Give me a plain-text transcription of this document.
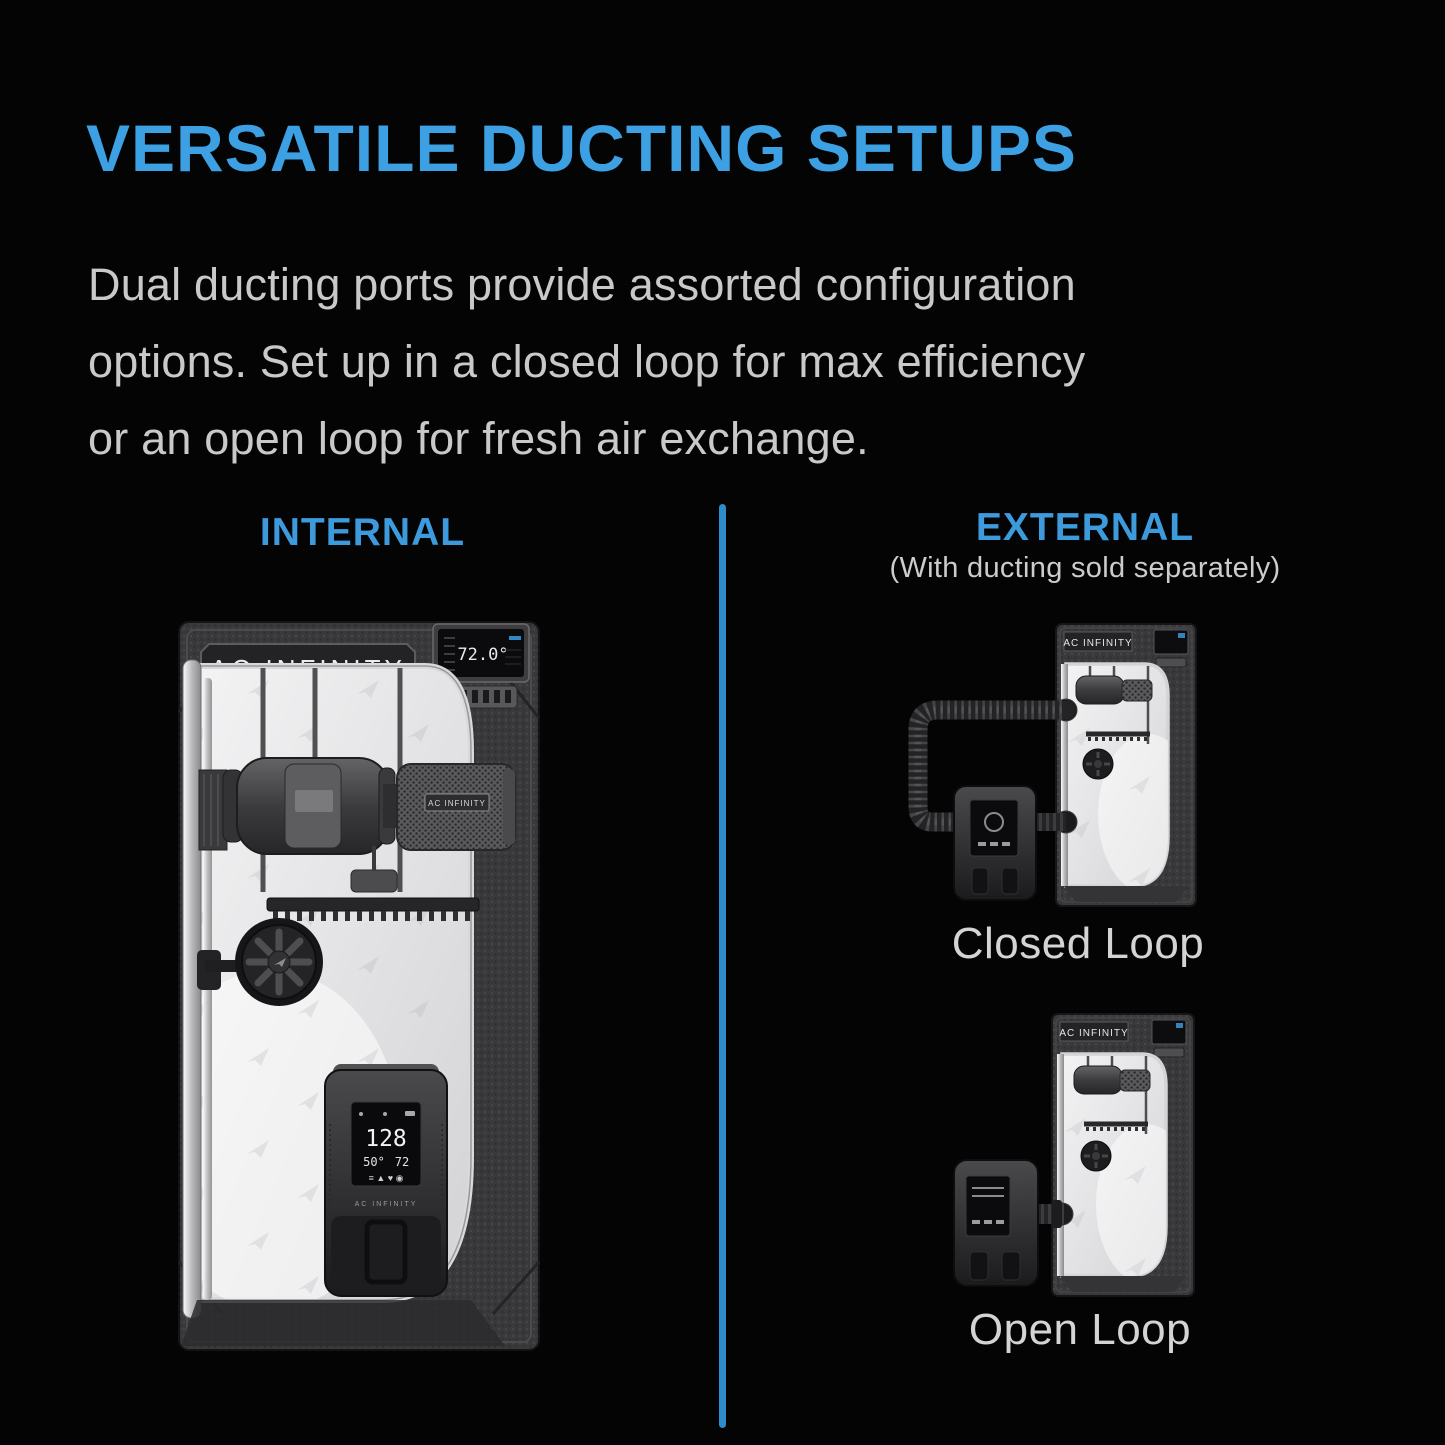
VERSATILE DUCTING SETUPS
Dual ducting ports provide assorted configuration
options. Set up in a closed loop for max efficiency
or an open loop for fresh air exchange.
INTERNAL	EXTERNAL
(With ducting sold separately)
72.0°
AC INFINITY
128
50° 72
≡ ▲ ♥ ◉
AC INFINITY
AC INFINITY
Closed Loop
AC INFINITY
Open Loop
